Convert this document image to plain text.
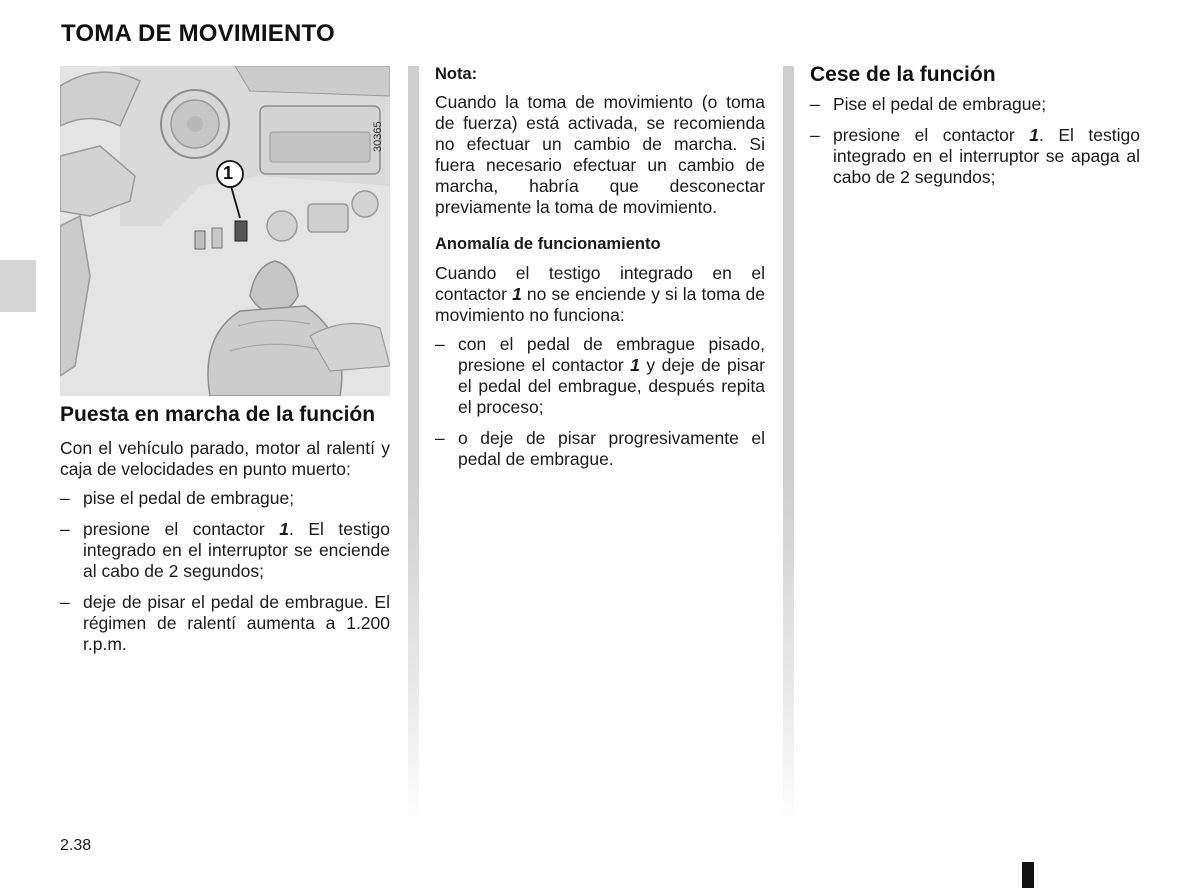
TOMA DE MOVIMIENTO
1
30365
Puesta en marcha de la función

Con el vehículo parado, motor al ralentí y caja de velocidades en punto muerto:

– pise el pedal de embrague;
– presione el contactor 1. El testigo integrado en el interruptor se enciende al cabo de 2 segundos;
– deje de pisar el pedal de embrague. El régimen de ralentí aumenta a 1.200 r.p.m.
Nota:

Cuando la toma de movimiento (o toma de fuerza) está activada, se recomienda no efectuar un cambio de marcha. Si fuera necesario efectuar un cambio de marcha, habría que desconectar previamente la toma de movimiento.

Anomalía de funcionamiento

Cuando el testigo integrado en el contactor 1 no se enciende y si la toma de movimiento no funciona:

– con el pedal de embrague pisado, presione el contactor 1 y deje de pisar el pedal del embrague, después repita el proceso;
– o deje de pisar progresivamente el pedal de embrague.
Cese de la función
– Pise el pedal de embrague;
– presione el contactor 1. El testigo integrado en el interruptor se apaga al cabo de 2 segundos;
2.38
